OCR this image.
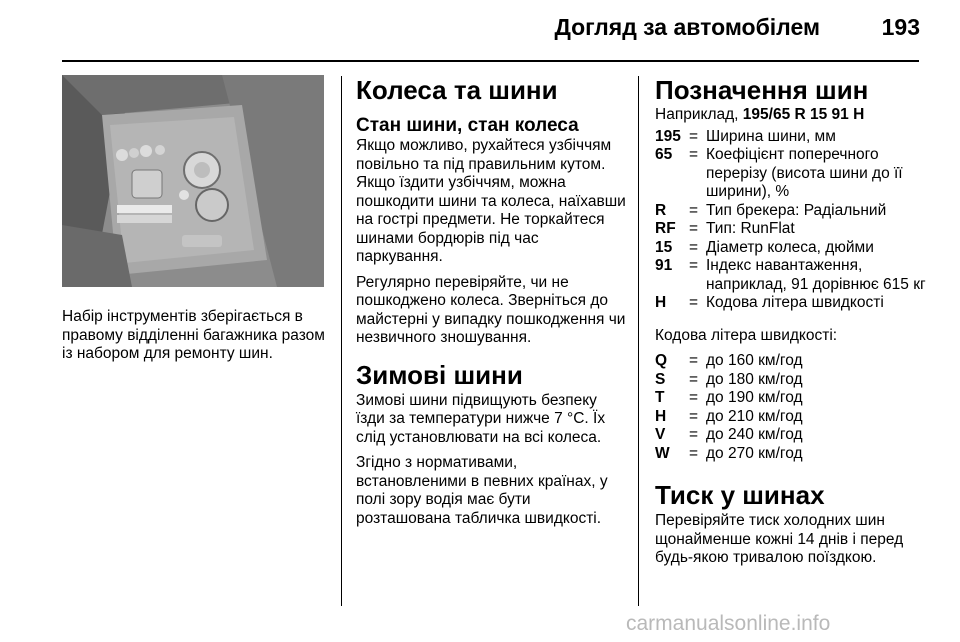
Догляд за автомобілем	193

Набір інструментів зберігається в правому відділенні багажника разом із набором для ремонту шин.

Колеса та шини
Стан шини, стан колеса

Якщо можливо, рухайтеся узбіччям повільно та під правильним кутом. Якщо їздити узбіччям, можна пошкодити шини та колеса, наїхавши на гострі предмети. Не торкайтеся шинами бордюрів під час паркування.

Регулярно перевіряйте, чи не пошкоджено колеса. Зверніться до майстерні у випадку пошкодження чи незвичного зношування.

Зимові шини

Зимові шини підвищують безпеку їзди за температури нижче 7 °C. Їх слід установлювати на всі колеса.

Згідно з нормативами, встановленими в певних країнах, у полі зору водія має бути розташована табличка швидкості.

Позначення шин

Наприклад, 195/65 R 15 91 H

195	=	Ширина шини, мм
65	=	Коефіцієнт поперечного перерізу (висота шини до її ширини), %
R	=	Тип брекера: Радіальний
RF	=	Тип: RunFlat
15	=	Діаметр колеса, дюйми
91	=	Індекс навантаження, наприклад, 91 дорівнює 615 кг
H	=	Кодова літера швидкості

Кодова літера швидкості:

Q	=	до 160 км/год
S	=	до 180 км/год
T	=	до 190 км/год
H	=	до 210 км/год
V	=	до 240 км/год
W	=	до 270 км/год
Тиск у шинах

Перевіряйте тиск холодних шин щонайменше кожні 14 днів і перед будь-якою тривалою поїздкою.

carmanualsonline.info
